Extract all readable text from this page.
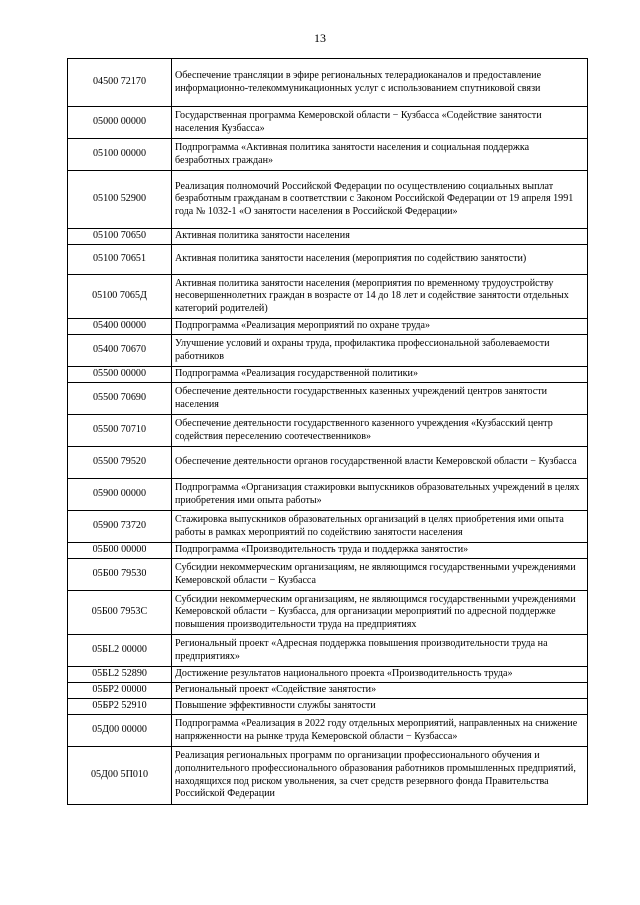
13
04500 72170	Обеспечение трансляции в эфире региональных телерадиоканалов и предоставление информационно-телекоммуникационных услуг с использованием спутниковой связи
05000 00000	Государственная программа Кемеровской области − Кузбасса «Содействие занятости населения Кузбасса»
05100 00000	Подпрограмма «Активная политика занятости населения и социальная поддержка безработных граждан»
05100 52900	Реализация полномочий Российской Федерации по осуществлению социальных выплат безработным гражданам в соответствии с Законом Российской Федерации от 19 апреля 1991 года № 1032-1 «О занятости населения в Российской Федерации»
05100 70650	Активная политика занятости населения
05100 70651	Активная политика занятости населения (мероприятия по содействию занятости)
05100 7065Д	Активная политика занятости населения (мероприятия по временному трудоустройству несовершеннолетних граждан в возрасте от 14 до 18 лет и содействие занятости отдельных категорий родителей)
05400 00000	Подпрограмма «Реализация мероприятий по охране труда»
05400 70670	Улучшение условий и охраны труда, профилактика профессиональной заболеваемости работников
05500 00000	Подпрограмма «Реализация государственной политики»
05500 70690	Обеспечение деятельности государственных казенных учреждений центров занятости населения
05500 70710	Обеспечение деятельности государственного казенного учреждения «Кузбасский центр содействия переселению соотечественников»
05500 79520	Обеспечение деятельности органов государственной власти Кемеровской области − Кузбасса
05900 00000	Подпрограмма «Организация стажировки выпускников образовательных учреждений в целях приобретения ими опыта работы»
05900 73720	Стажировка выпускников образовательных организаций в целях приобретения ими опыта работы в рамках мероприятий по содействию занятости населения
05Б00 00000	Подпрограмма «Производительность труда и поддержка занятости»
05Б00 79530	Субсидии некоммерческим организациям, не являющимся государственными учреждениями Кемеровской области − Кузбасса
05Б00 7953С	Субсидии некоммерческим организациям, не являющимся государственными учреждениями Кемеровской области − Кузбасса, для организации мероприятий по адресной поддержке повышения производительности труда на предприятиях
05БL2 00000	Региональный проект «Адресная поддержка повышения производительности труда на предприятиях»
05БL2 52890	Достижение результатов национального проекта «Производительность труда»
05БР2 00000	Региональный проект «Содействие занятости»
05БР2 52910	Повышение эффективности службы занятости
05Д00 00000	Подпрограмма «Реализация в 2022 году отдельных мероприятий, направленных на снижение напряженности на рынке труда Кемеровской области − Кузбасса»
05Д00 5П010	Реализация региональных программ по организации профессионального обучения и дополнительного профессионального образования работников промышленных предприятий, находящихся под риском увольнения, за счет средств резервного фонда Правительства Российской Федерации
